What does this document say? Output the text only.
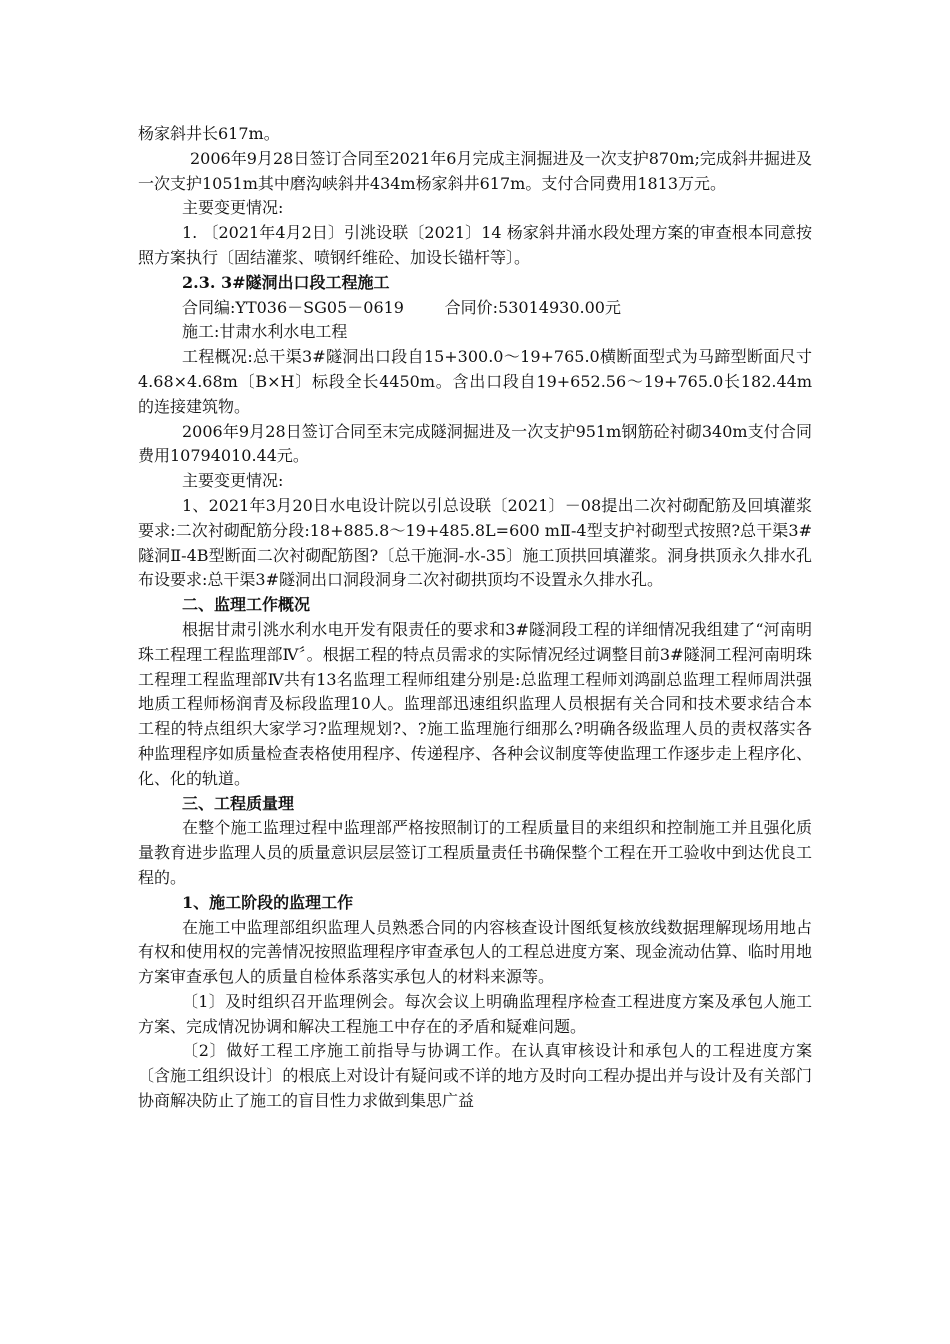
杨家斜井长617m。

2006年9月28日签订合同至2021年6月完成主洞掘进及一次支护870m;完成斜井掘进及一次支护1051m其中磨沟峡斜井434m杨家斜井617m。支付合同费用1813万元。

主要变更情况:

1. 〔2021年4月2日〕引洮设联〔2021〕14 杨家斜井涌水段处理方案的审查根本同意按照方案执行〔固结灌浆、喷钢纤维砼、加设长锚杆等〕。

2.3. 3#隧洞出口段工程施工

合同编:YT036－SG05－0619        合同价:53014930.00元

施工:甘肃水利水电工程

工程概况:总干渠3#隧洞出口段自15+300.0～19+765.0横断面型式为马蹄型断面尺寸4.68×4.68m〔B×H〕标段全长4450m。含出口段自19+652.56～19+765.0长182.44m的连接建筑物。

2006年9月28日签订合同至末完成隧洞掘进及一次支护951m钢筋砼衬砌340m支付合同费用10794010.44元。

主要变更情况:

1、2021年3月20日水电设计院以引总设联〔2021〕－08提出二次衬砌配筋及回填灌浆要求:二次衬砌配筋分段:18+885.8～19+485.8L=600 mⅡ-4型支护衬砌型式按照?总干渠3#隧洞Ⅱ-4B型断面二次衬砌配筋图?〔总干施洞-水-35〕施工顶拱回填灌浆。洞身拱顶永久排水孔布设要求:总干渠3#隧洞出口洞段洞身二次衬砌拱顶均不设置永久排水孔。

二、监理工作概况

根据甘肃引洮水利水电开发有限责任的要求和3#隧洞段工程的详细情况我组建了“河南明珠工程理工程监理部Ⅳ〞。根据工程的特点员需求的实际情况经过调整目前3#隧洞工程河南明珠工程理工程监理部Ⅳ共有13名监理工程师组建分别是:总监理工程师刘鸿副总监理工程师周洪强地质工程师杨润青及标段监理10人。监理部迅速组织监理人员根据有关合同和技术要求结合本工程的特点组织大家学习?监理规划?、?施工监理施行细那么?明确各级监理人员的责权落实各种监理程序如质量检查表格使用程序、传递程序、各种会议制度等使监理工作逐步走上程序化、化、化的轨道。

三、工程质量理

在整个施工监理过程中监理部严格按照制订的工程质量目的来组织和控制施工并且强化质量教育进步监理人员的质量意识层层签订工程质量责任书确保整个工程在开工验收中到达优良工程的。

1、施工阶段的监理工作

在施工中监理部组织监理人员熟悉合同的内容核查设计图纸复核放线数据理解现场用地占有权和使用权的完善情况按照监理程序审查承包人的工程总进度方案、现金流动估算、临时用地方案审查承包人的质量自检体系落实承包人的材料来源等。

〔1〕及时组织召开监理例会。每次会议上明确监理程序检查工程进度方案及承包人施工方案、完成情况协调和解决工程施工中存在的矛盾和疑难问题。

〔2〕做好工程工序施工前指导与协调工作。在认真审核设计和承包人的工程进度方案〔含施工组织设计〕的根底上对设计有疑问或不详的地方及时向工程办提出并与设计及有关部门协商解决防止了施工的盲目性力求做到集思广益
